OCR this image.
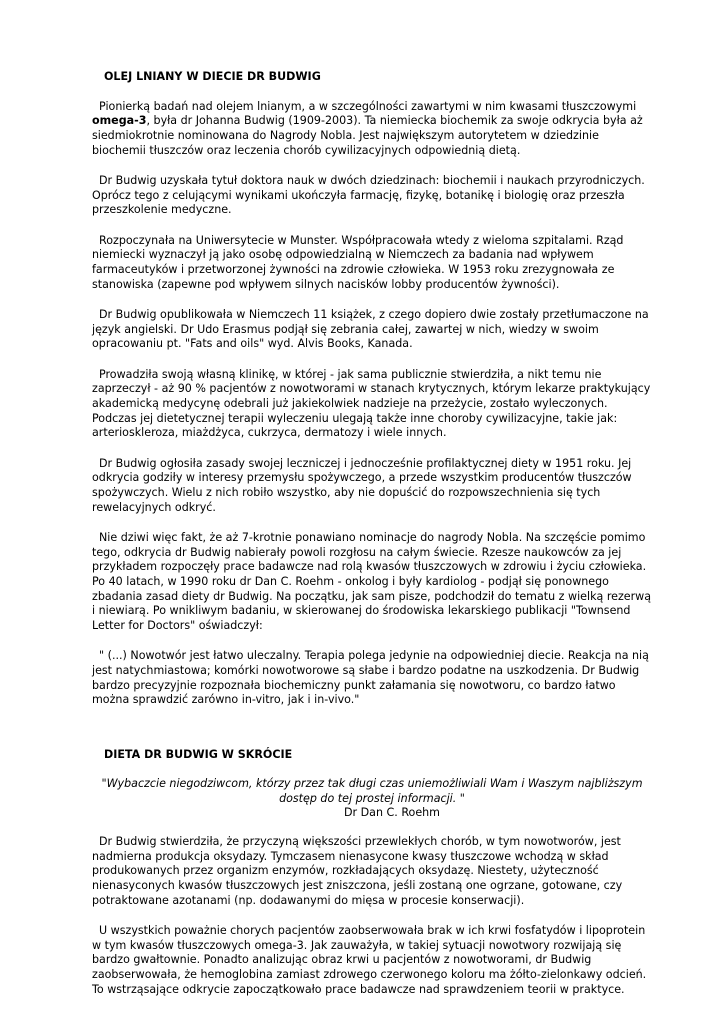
OLEJ LNIANY W DIECIE DR BUDWIG

Pionierką badań nad olejem lnianym, a w szczególności zawartymi w nim kwasami tłuszczowymi omega-3, była dr Johanna Budwig (1909-2003). Ta niemiecka biochemik za swoje odkrycia była aż siedmiokrotnie nominowana do Nagrody Nobla. Jest największym autorytetem w dziedzinie biochemii tłuszczów oraz leczenia chorób cywilizacyjnych odpowiednią dietą.

Dr Budwig uzyskała tytuł doktora nauk w dwóch dziedzinach: biochemii i naukach przyrodniczych. Oprócz tego z celującymi wynikami ukończyła farmację, fizykę, botanikę i biologię oraz przeszła przeszkolenie medyczne.

Rozpoczynała na Uniwersytecie w Munster. Współpracowała wtedy z wieloma szpitalami. Rząd niemiecki wyznaczył ją jako osobę odpowiedzialną w Niemczech za badania nad wpływem farmaceutyków i przetworzonej żywności na zdrowie człowieka. W 1953 roku zrezygnowała ze stanowiska (zapewne pod wpływem silnych nacisków lobby producentów żywności).

Dr Budwig opublikowała w Niemczech 11 książek, z czego dopiero dwie zostały przetłumaczone na język angielski. Dr Udo Erasmus podjął się zebrania całej, zawartej w nich, wiedzy w swoim opracowaniu pt. "Fats and oils" wyd. Alvis Books, Kanada.

Prowadziła swoją własną klinikę, w której - jak sama publicznie stwierdziła, a nikt temu nie zaprzeczył - aż 90 % pacjentów z nowotworami w stanach krytycznych, którym lekarze praktykujący akademicką medycynę odebrali już jakiekolwiek nadzieje na przeżycie, zostało wyleczonych. Podczas jej dietetycznej terapii wyleczeniu ulegają także inne choroby cywilizacyjne, takie jak: arterioskleroza, miażdżyca, cukrzyca, dermatozy i wiele innych.

Dr Budwig ogłosiła zasady swojej leczniczej i jednocześnie profilaktycznej diety w 1951 roku. Jej odkrycia godziły w interesy przemysłu spożywczego, a przede wszystkim producentów tłuszczów spożywczych. Wielu z nich robiło wszystko, aby nie dopuścić do rozpowszechnienia się tych rewelacyjnych odkryć.

Nie dziwi więc fakt, że aż 7-krotnie ponawiano nominacje do nagrody Nobla. Na szczęście pomimo tego, odkrycia dr Budwig nabierały powoli rozgłosu na całym świecie. Rzesze naukowców za jej przykładem rozpoczęły prace badawcze nad rolą kwasów tłuszczowych w zdrowiu i życiu człowieka. Po 40 latach, w 1990 roku dr Dan C. Roehm - onkolog i były kardiolog - podjął się ponownego zbadania zasad diety dr Budwig. Na początku, jak sam pisze, podchodził do tematu z wielką rezerwą i niewiarą. Po wnikliwym badaniu, w skierowanej do środowiska lekarskiego publikacji "Townsend Letter for Doctors" oświadczył:

" (...) Nowotwór jest łatwo uleczalny. Terapia polega jedynie na odpowiedniej diecie. Reakcja na nią jest natychmiastowa; komórki nowotworowe są słabe i bardzo podatne na uszkodzenia. Dr Budwig bardzo precyzyjnie rozpoznała biochemiczny punkt załamania się nowotworu, co bardzo łatwo można sprawdzić zarówno in-vitro, jak i in-vivo."

DIETA DR BUDWIG W SKRÓCIE
"Wybaczcie niegodziwcom, którzy przez tak długi czas uniemożliwiali Wam i Waszym najbliższym dostęp do tej prostej informacji. "
Dr Dan C. Roehm

Dr Budwig stwierdziła, że przyczyną większości przewlekłych chorób, w tym nowotworów, jest nadmierna produkcja oksydazy. Tymczasem nienasycone kwasy tłuszczowe wchodzą w skład produkowanych przez organizm enzymów, rozkładających oksydazę. Niestety, użyteczność nienasyconych kwasów tłuszczowych jest zniszczona, jeśli zostaną one ogrzane, gotowane, czy potraktowane azotanami (np. dodawanymi do mięsa w procesie konserwacji).

U wszystkich poważnie chorych pacjentów zaobserwowała brak w ich krwi fosfatydów i lipoprotein w tym kwasów tłuszczowych omega-3. Jak zauważyła, w takiej sytuacji nowotwory rozwijają się bardzo gwałtownie. Ponadto analizując obraz krwi u pacjentów z nowotworami, dr Budwig zaobserwowała, że hemoglobina zamiast zdrowego czerwonego koloru ma żółto-zielonkawy odcień. To wstrząsające odkrycie zapoczątkowało prace badawcze nad sprawdzeniem teorii w praktyce.
